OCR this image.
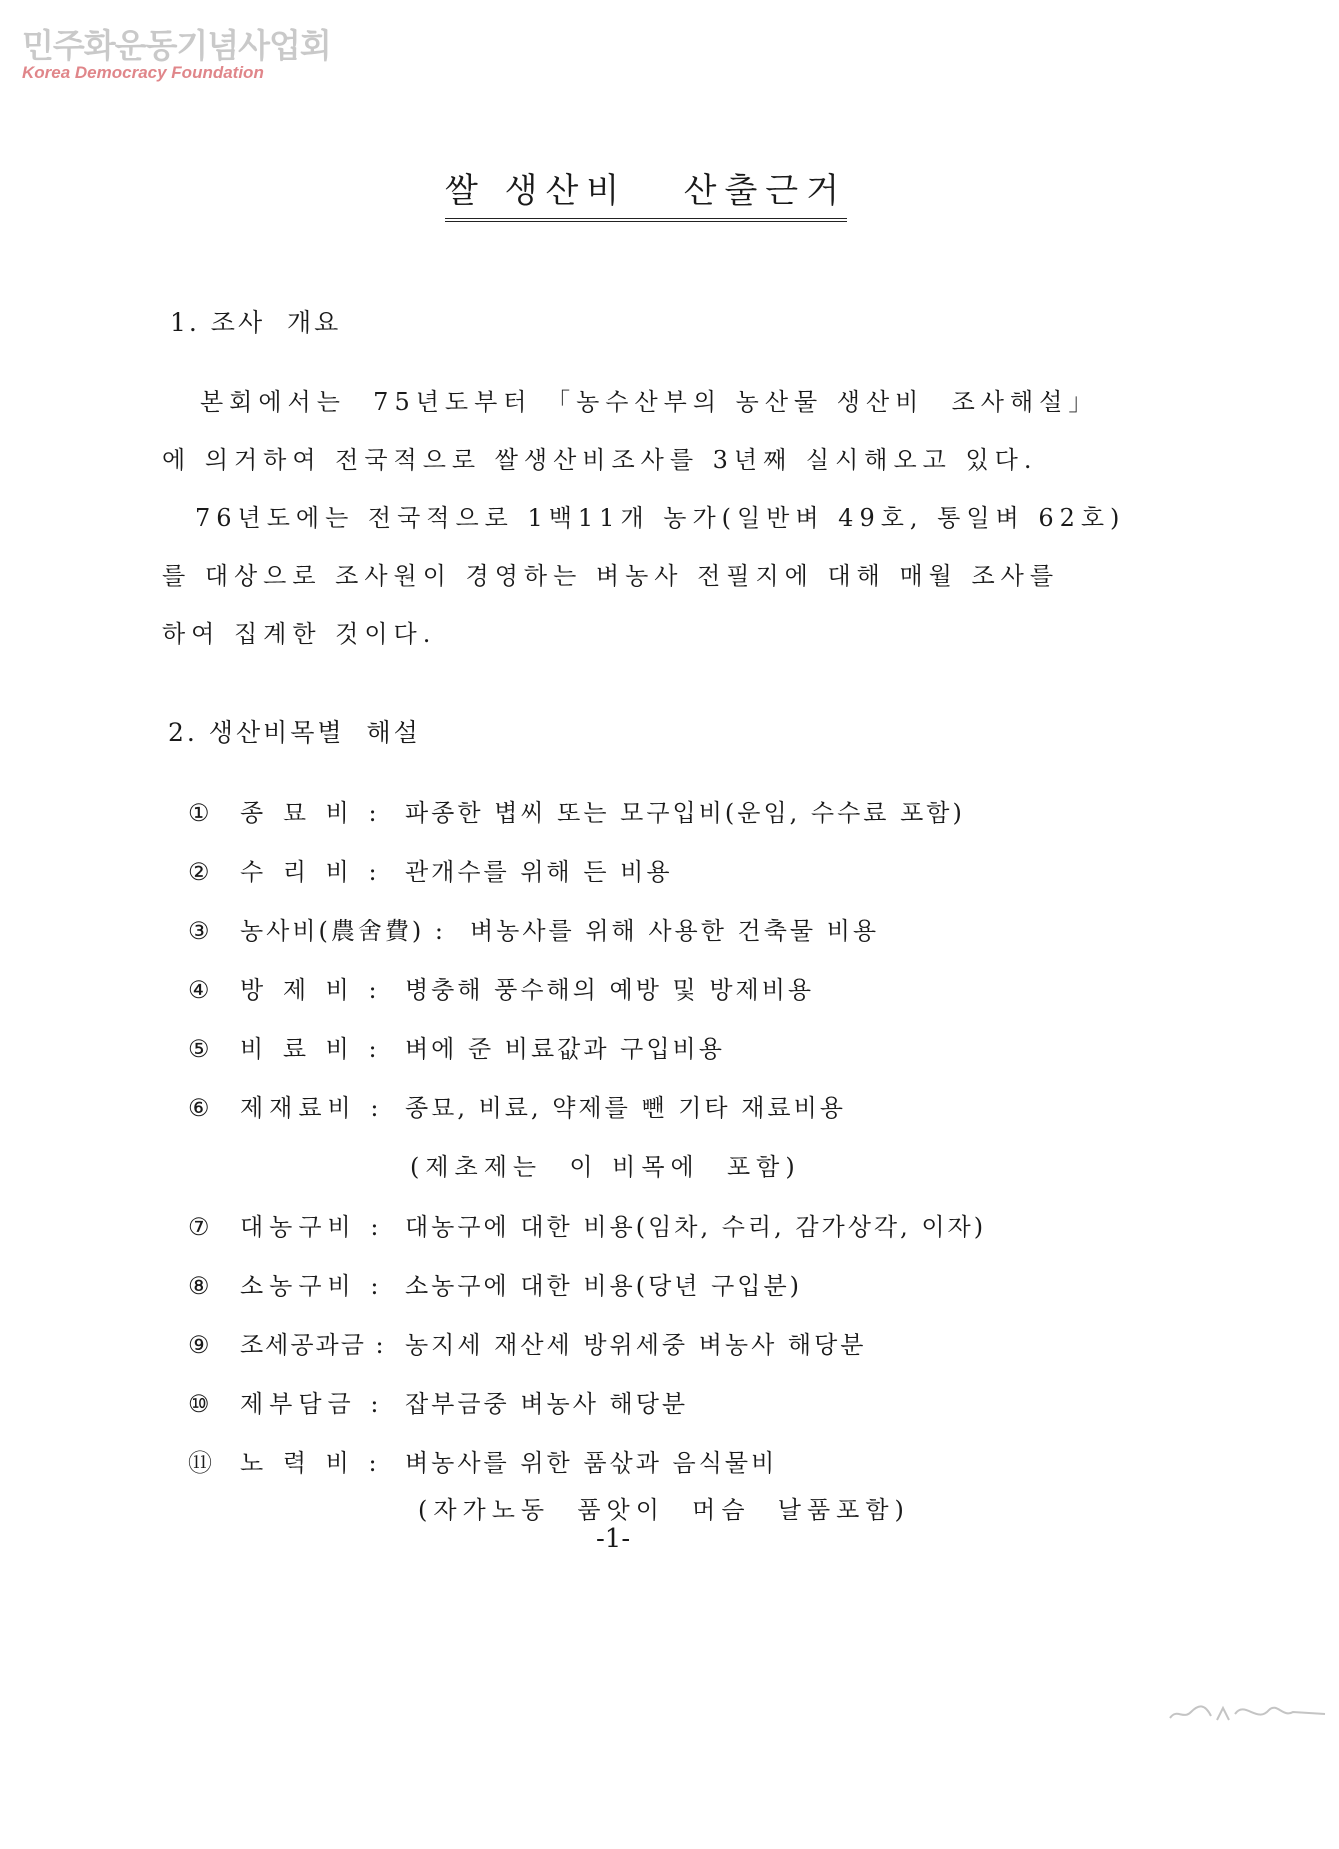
민주화운동기념사업회
Korea Democracy Foundation
쌀 생산비   산출근거
1. 조사  개요
본회에서는  75년도부터 「농수산부의 농산물 생산비  조사해설」
에 의거하여 전국적으로 쌀생산비조사를 3년째 실시해오고 있다.
76년도에는 전국적으로 1백11개 농가(일반벼 49호, 통일벼 62호)
를 대상으로 조사원이 경영하는 벼농사 전필지에 대해 매월 조사를
하여 집계한 것이다.
2. 생산비목별  해설
① 종 묘 비 : 파종한 볍씨 또는 모구입비(운임, 수수료 포함)
② 수 리 비 : 관개수를 위해 든 비용
③ 농사비(農舍費) : 벼농사를 위해 사용한 건축물 비용
④ 방 제 비 : 병충해 풍수해의 예방 및 방제비용
⑤ 비 료 비 : 벼에 준 비료값과 구입비용
⑥ 제재료비 : 종묘, 비료, 약제를 뺀 기타 재료비용
(제초제는  이 비목에  포함)
⑦ 대농구비 : 대농구에 대한 비용(임차, 수리, 감가상각, 이자)
⑧ 소농구비 : 소농구에 대한 비용(당년 구입분)
⑨ 조세공과금 : 농지세 재산세 방위세중 벼농사 해당분
⑩ 제부담금 : 잡부금중 벼농사 해당분
⑪ 노 력 비 : 벼농사를 위한 품삯과 음식물비
(자가노동  품앗이  머슴  날품포함)
-1-
